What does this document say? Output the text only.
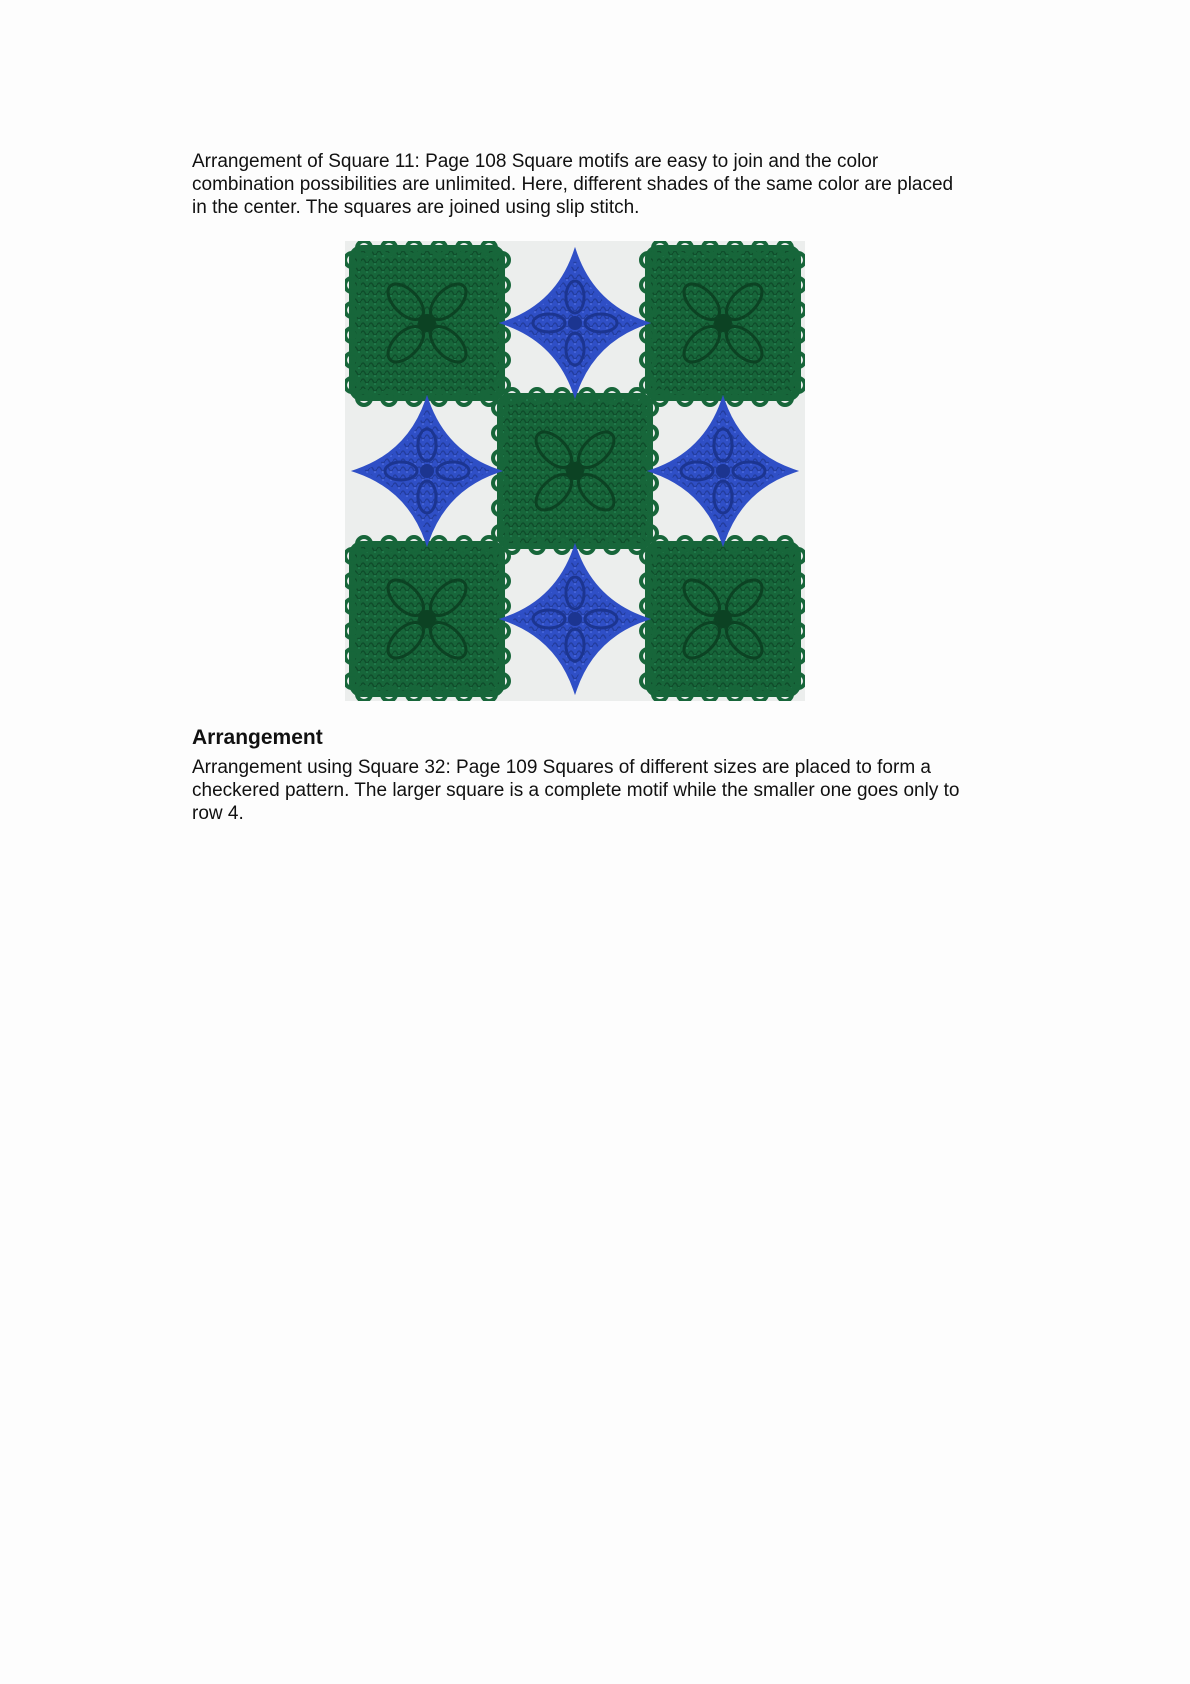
Arrangement of Square 11: Page 108 Square motifs are easy to join and the color combination possibilities are unlimited. Here, different shades of the same color are placed in the center. The squares are joined using slip stitch.

Arrangement

Arrangement using Square 32: Page 109 Squares of different sizes are placed to form a checkered pattern. The larger square is a complete motif while the smaller one goes only to row 4.
